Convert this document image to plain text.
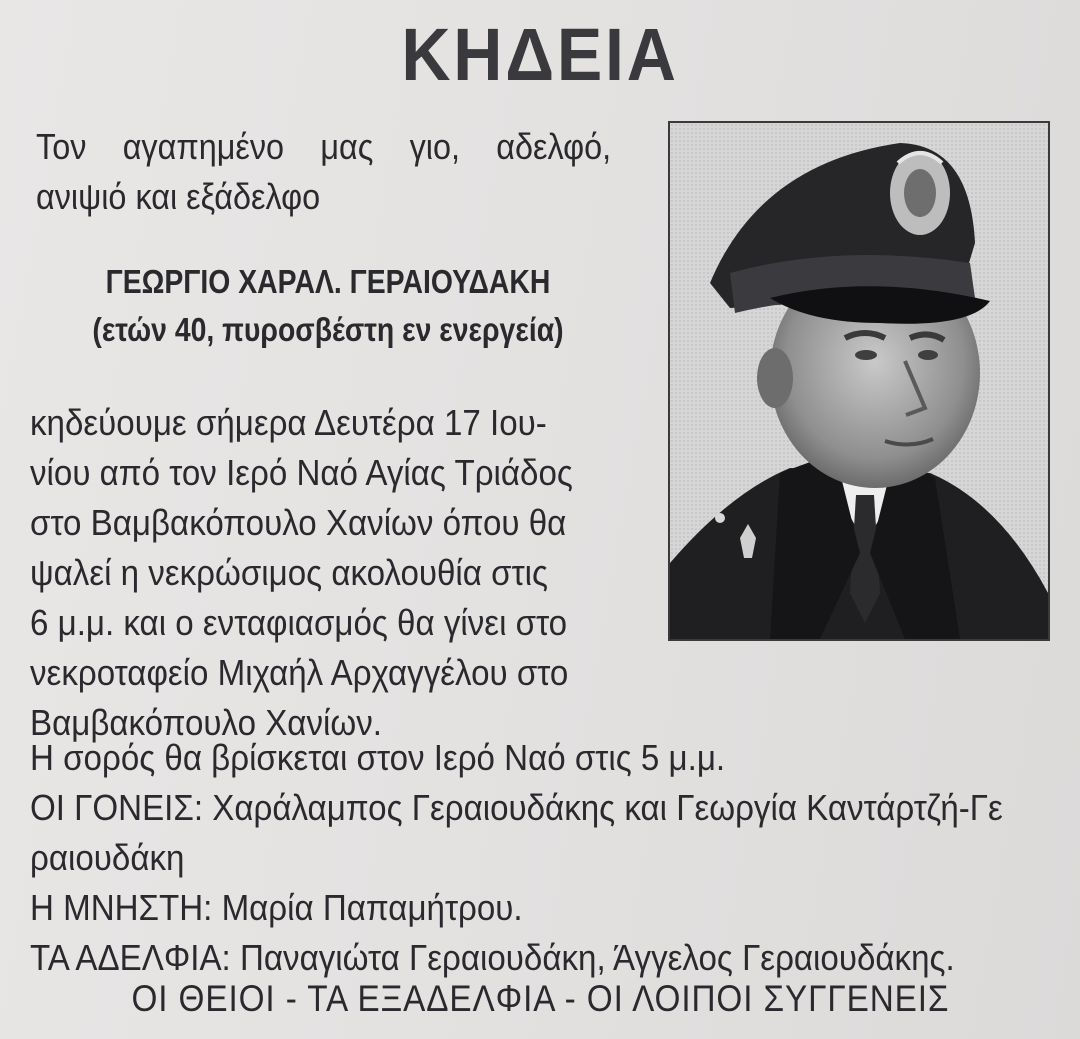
ΚΗΔΕΙΑ
Τον αγαπημένο μας γιο, αδελφό,
ανιψιό και εξάδελφο
ΓΕΩΡΓΙΟ ΧΑΡΑΛ. ΓΕΡΑΙΟΥΔΑΚΗ
(ετών 40, πυροσβέστη εν ενεργεία)
κηδεύουμε σήμερα Δευτέρα 17 Ιου-
νίου από τον Ιερό Ναό Αγίας Τριάδος
στο Βαμβακόπουλο Χανίων όπου θα
ψαλεί η νεκρώσιμος ακολουθία στις
6 μ.μ. και ο ενταφιασμός θα γίνει στο
νεκροταφείο Μιχαήλ Αρχαγγέλου στο
Βαμβακόπουλο Χανίων.
Η σορός θα βρίσκεται στον Ιερό Ναό στις 5 μ.μ.
ΟΙ ΓΟΝΕΙΣ: Χαράλαμπος Γεραιουδάκης και Γεωργία Καντάρτζή-Γε
ραιουδάκη
Η ΜΝΗΣΤΗ: Μαρία Παπαμήτρου.
ΤΑ ΑΔΕΛΦΙΑ: Παναγιώτα Γεραιουδάκη, Άγγελος Γεραιουδάκης.
ΟΙ ΘΕΙΟΙ - ΤΑ ΕΞΑΔΕΛΦΙΑ - ΟΙ ΛΟΙΠΟΙ ΣΥΓΓΕΝΕΙΣ
